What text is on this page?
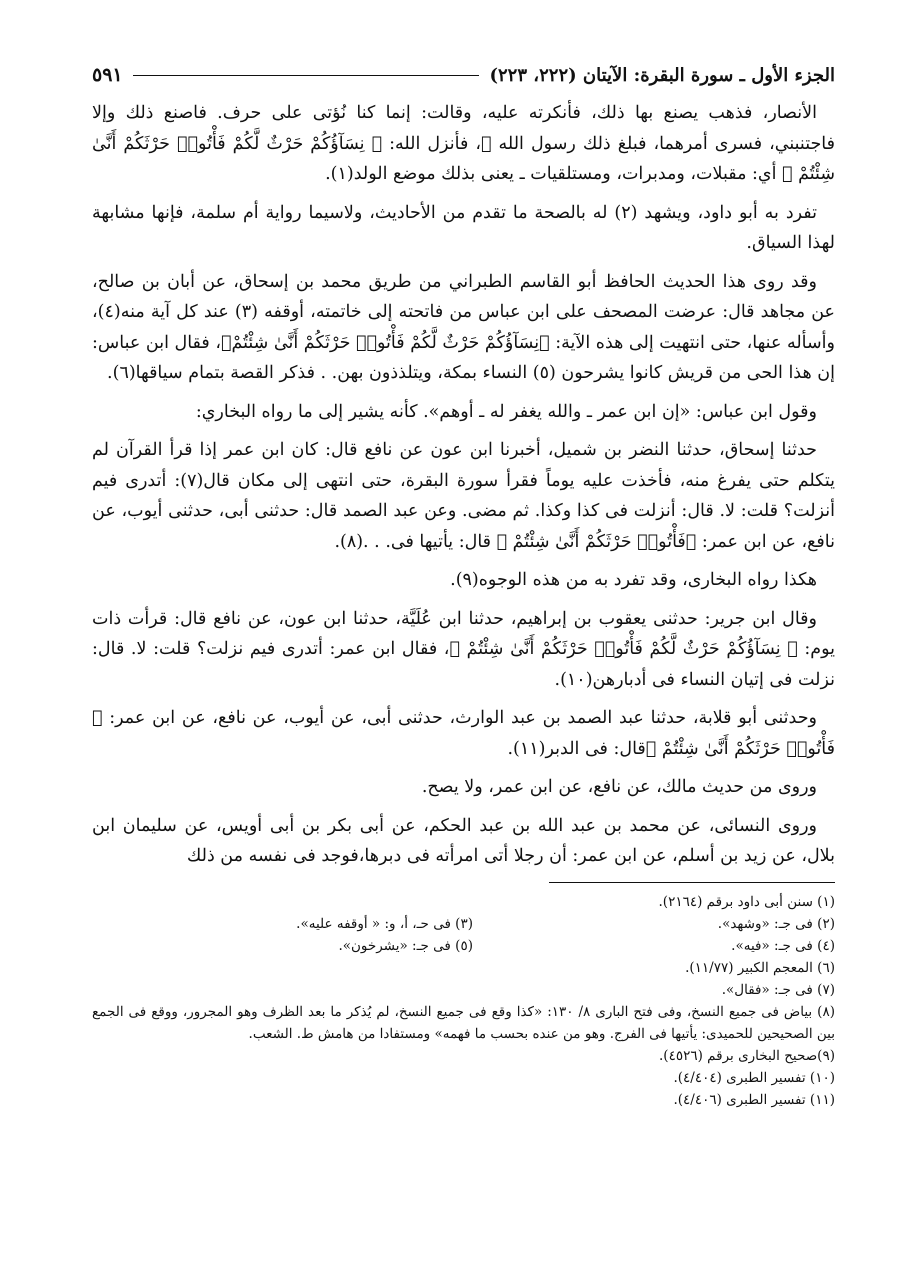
الجزء الأول ـ سورة البقرة: الآيتان (٢٢٢، ٢٢٣)
٥٩١

الأنصار، فذهب يصنع بها ذلك، فأنكرته عليه، وقالت: إنما كنا نُؤتى على حرف. فاصنع ذلك وإلا فاجتنبني، فسرى أمرهما، فبلغ ذلك رسول الله ﷺ، فأنزل الله: ﴿ نِسَآؤُكُمْ حَرْثٌ لَّكُمْ فَأْتُوا۟ حَرْثَكُمْ أَنَّىٰ شِئْتُمْ ﴾ أي: مقبلات، ومدبرات، ومستلقيات ـ يعنى بذلك موضع الولد(١).

تفرد به أبو داود، ويشهد (٢) له بالصحة ما تقدم من الأحاديث، ولاسيما رواية أم سلمة، فإنها مشابهة لهذا السياق.

وقد روى هذا الحديث الحافظ أبو القاسم الطبراني من طريق محمد بن إسحاق، عن أبان بن صالح، عن مجاهد قال: عرضت المصحف على ابن عباس من فاتحته إلى خاتمته، أوقفه (٣) عند كل آية منه(٤)، وأسأله عنها، حتى انتهيت إلى هذه الآية: ﴿نِسَآؤُكُمْ حَرْثٌ لَّكُمْ فَأْتُوا۟ حَرْثَكُمْ أَنَّىٰ شِئْتُمْ﴾، فقال ابن عباس: إن هذا الحى من قريش كانوا يشرحون (٥) النساء بمكة، ويتلذذون بهن. . فذكر القصة بتمام سياقها(٦).

وقول ابن عباس: «إن ابن عمر ـ والله يغفر له ـ أوهم». كأنه يشير إلى ما رواه البخاري:

حدثنا إسحاق، حدثنا النضر بن شميل، أخبرنا ابن عون عن نافع قال: كان ابن عمر إذا قرأ القرآن لم يتكلم حتى يفرغ منه، فأخذت عليه يوماً فقرأ سورة البقرة، حتى انتهى إلى مكان قال(٧): أتدرى فيم أنزلت؟ قلت: لا. قال: أنزلت فى كذا وكذا. ثم مضى. وعن عبد الصمد قال: حدثنى أبى، حدثنى أيوب، عن نافع، عن ابن عمر: ﴿فَأْتُوا۟ حَرْثَكُمْ أَنَّىٰ شِئْتُمْ ﴾ قال: يأتيها فى. . .(٨).

هكذا رواه البخارى، وقد تفرد به من هذه الوجوه(٩).

وقال ابن جرير: حدثنى يعقوب بن إبراهيم، حدثنا ابن عُلَيَّة، حدثنا ابن عون، عن نافع قال: قرأت ذات يوم: ﴿ نِسَآؤُكُمْ حَرْثٌ لَّكُمْ فَأْتُوا۟ حَرْثَكُمْ أَنَّىٰ شِئْتُمْ ﴾، فقال ابن عمر: أتدرى فيم نزلت؟ قلت: لا. قال: نزلت فى إتيان النساء فى أدبارهن(١٠).

وحدثنى أبو قلابة، حدثنا عبد الصمد بن عبد الوارث، حدثنى أبى، عن أيوب، عن نافع، عن ابن عمر: ﴿ فَأْتُوا۟ حَرْثَكُمْ أَنَّىٰ شِئْتُمْ ﴾قال: فى الدبر(١١).

وروى من حديث مالك، عن نافع، عن ابن عمر، ولا يصح.

وروى النسائى، عن محمد بن عبد الله بن عبد الحكم، عن أبى بكر بن أبى أويس، عن سليمان ابن بلال، عن زيد بن أسلم، عن ابن عمر: أن رجلا أتى امرأته فى دبرها،فوجد فى نفسه من ذلك

(١) سنن أبى داود برقم (٢١٦٤).
(٢) فى جـ: «وشهد».
(٣) فى حـ، أ، و: « أوقفه عليه».
(٤) فى جـ: «فيه».
(٥) فى جـ: «يشرخون».
(٦) المعجم الكبير (١١/٧٧).
(٧) فى جـ: «فقال».
(٨) بياض فى جميع النسخ، وفى فتح البارى ٨/ ١٣٠: «كذا وقع فى جميع النسخ، لم يُذكر ما بعد الظرف وهو المجرور، ووقع فى الجمع بين الصحيحين للحميدى: يأتيها فى الفرج. وهو من عنده بحسب ما فهمه» ومستفادا من هامش ط. الشعب.
(٩)صحيح البخارى برقم (٤٥٢٦).
(١٠) تفسير الطبرى (٤/٤٠٤).
(١١) تفسير الطبرى (٤/٤٠٦).
